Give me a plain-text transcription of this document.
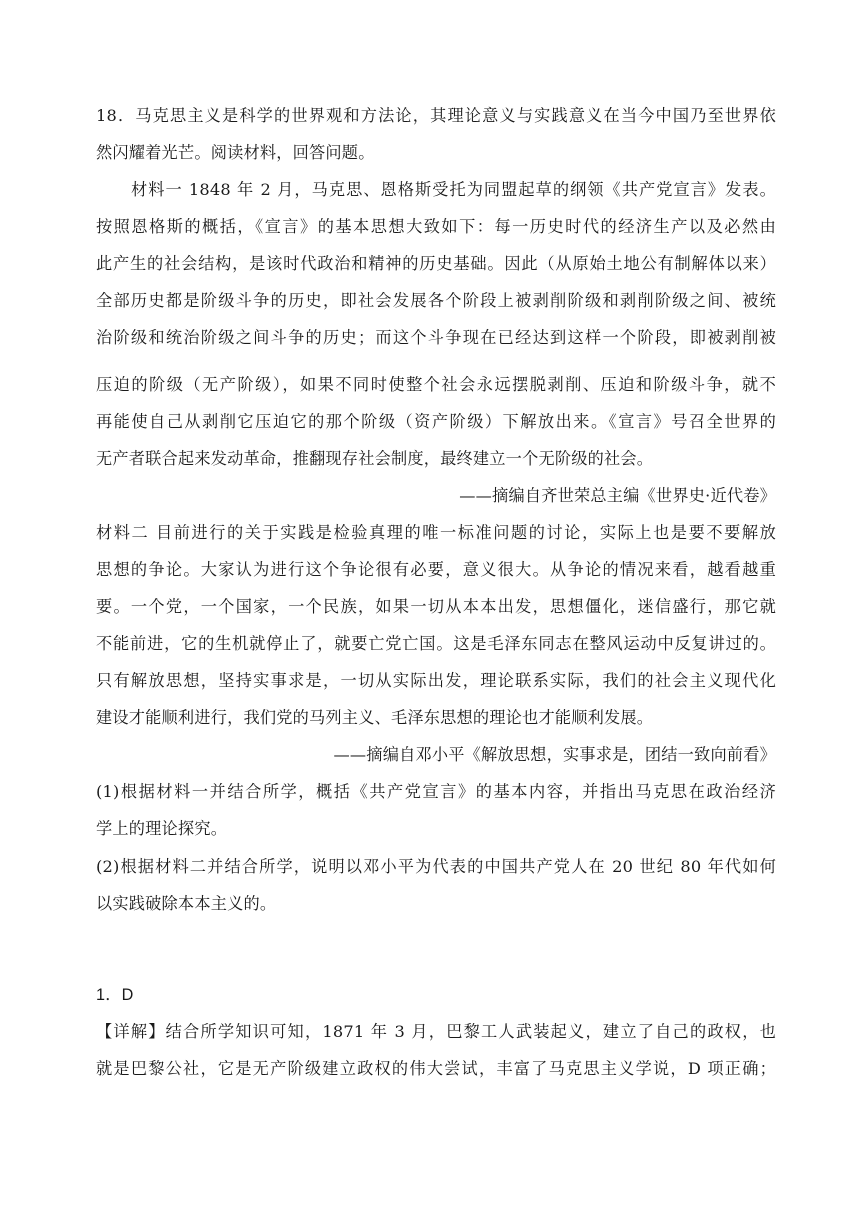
18．马克思主义是科学的世界观和方法论，其理论意义与实践意义在当今中国乃至世界依
然闪耀着光芒。阅读材料，回答问题。
材料一 1848 年 2 月，马克思、恩格斯受托为同盟起草的纲领《共产党宣言》发表。
按照恩格斯的概括，《宣言》的基本思想大致如下：每一历史时代的经济生产以及必然由
此产生的社会结构，是该时代政治和精神的历史基础。因此（从原始土地公有制解体以来）
全部历史都是阶级斗争的历史，即社会发展各个阶段上被剥削阶级和剥削阶级之间、被统
治阶级和统治阶级之间斗争的历史；而这个斗争现在已经达到这样一个阶段，即被剥削被
压迫的阶级（无产阶级），如果不同时使整个社会永远摆脱剥削、压迫和阶级斗争，就不
再能使自己从剥削它压迫它的那个阶级（资产阶级）下解放出来。《宣言》号召全世界的
无产者联合起来发动革命，推翻现存社会制度，最终建立一个无阶级的社会。
——摘编自齐世荣总主编《世界史·近代卷》
材料二 目前进行的关于实践是检验真理的唯一标准问题的讨论，实际上也是要不要解放
思想的争论。大家认为进行这个争论很有必要，意义很大。从争论的情况来看，越看越重
要。一个党，一个国家，一个民族，如果一切从本本出发，思想僵化，迷信盛行，那它就
不能前进，它的生机就停止了，就要亡党亡国。这是毛泽东同志在整风运动中反复讲过的。
只有解放思想，坚持实事求是，一切从实际出发，理论联系实际，我们的社会主义现代化
建设才能顺利进行，我们党的马列主义、毛泽东思想的理论也才能顺利发展。
——摘编自邓小平《解放思想，实事求是，团结一致向前看》
(1)根据材料一并结合所学，概括《共产党宣言》的基本内容，并指出马克思在政治经济
学上的理论探究。
(2)根据材料二并结合所学，说明以邓小平为代表的中国共产党人在 20 世纪 80 年代如何
以实践破除本本主义的。
1．D
【详解】结合所学知识可知，1871 年 3 月，巴黎工人武装起义，建立了自己的政权，也
就是巴黎公社，它是无产阶级建立政权的伟大尝试，丰富了马克思主义学说，D 项正确；
